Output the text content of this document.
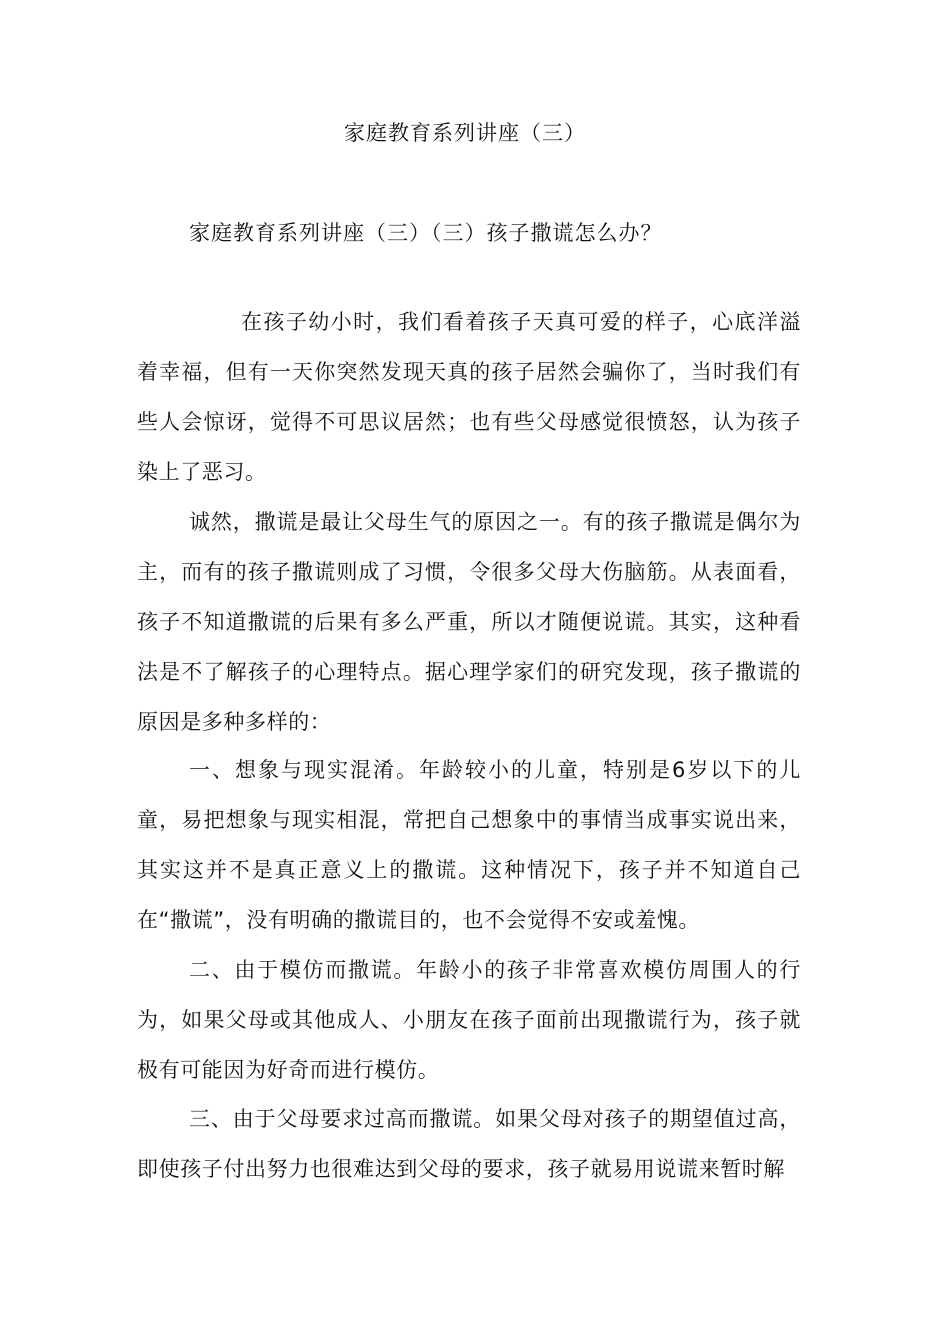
家庭教育系列讲座（三）
家庭教育系列讲座（三）（三）孩子撒谎怎么办？
在孩子幼小时，我们看着孩子天真可爱的样子，心底洋溢着幸福，但有一天你突然发现天真的孩子居然会骗你了，当时我们有些人会惊讶，觉得不可思议居然；也有些父母感觉很愤怒，认为孩子染上了恶习。
诚然，撒谎是最让父母生气的原因之一。有的孩子撒谎是偶尔为主，而有的孩子撒谎则成了习惯，令很多父母大伤脑筋。从表面看，孩子不知道撒谎的后果有多么严重，所以才随便说谎。其实，这种看法是不了解孩子的心理特点。据心理学家们的研究发现，孩子撒谎的原因是多种多样的：
一、想象与现实混淆。年龄较小的儿童，特别是6岁以下的儿童，易把想象与现实相混，常把自己想象中的事情当成事实说出来，其实这并不是真正意义上的撒谎。这种情况下，孩子并不知道自己在“撒谎”，没有明确的撒谎目的，也不会觉得不安或羞愧。
二、由于模仿而撒谎。年龄小的孩子非常喜欢模仿周围人的行为，如果父母或其他成人、小朋友在孩子面前出现撒谎行为，孩子就极有可能因为好奇而进行模仿。
三、由于父母要求过高而撒谎。如果父母对孩子的期望值过高，即使孩子付出努力也很难达到父母的要求，孩子就易用说谎来暂时解
